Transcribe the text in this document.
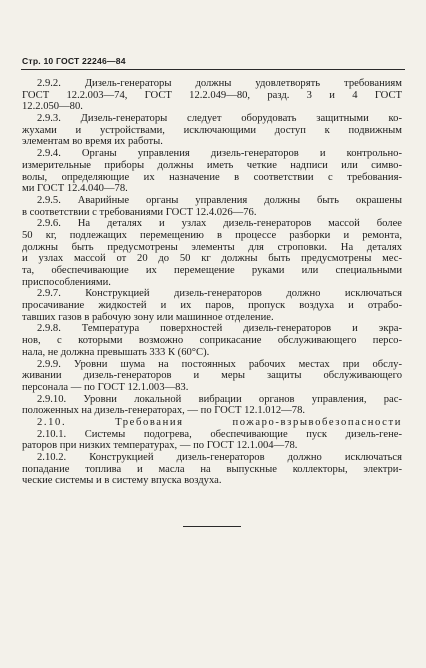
Стр. 10 ГОСТ 22246—84
2.9.2. Дизель-генераторы должны удовлетворять требованиям
ГОСТ 12.2.003—74, ГОСТ 12.2.049—80, разд. 3 и 4 ГОСТ
12.2.050—80.
2.9.3. Дизель-генераторы следует оборудовать защитными ко-
жухами и устройствами, исключающими доступ к подвижным
элементам во время их работы.
2.9.4. Органы управления дизель-генераторов и контрольно-
измерительные приборы должны иметь четкие надписи или симво-
волы, определяющие их назначение в соответствии с требования-
ми ГОСТ 12.4.040—78.
2.9.5. Аварийные органы управления должны быть окрашены
в соответствии с требованиями ГОСТ 12.4.026—76.
2.9.6. На деталях и узлах дизель-генераторов массой более
50 кг, подлежащих перемещению в процессе разборки и ремонта,
должны быть предусмотрены элементы для строповки. На деталях
и узлах массой от 20 до 50 кг должны быть предусмотрены мес-
та, обеспечивающие их перемещение руками или специальными
приспособлениями.
2.9.7. Конструкцией дизель-генераторов должно исключаться
просачивание жидкостей и их паров, пропуск воздуха и отрабо-
тавших газов в рабочую зону или машинное отделение.
2.9.8. Температура поверхностей дизель-генераторов и экра-
нов, с которыми возможно соприкасание обслуживающего персо-
нала, не должна превышать 333 К (60°С).
2.9.9. Уровни шума на постоянных рабочих местах при обслу-
живании дизель-генераторов и меры защиты обслуживающего
персонала — по ГОСТ 12.1.003—83.
2.9.10. Уровни локальной вибрации органов управления, рас-
положенных на дизель-генераторах, — по ГОСТ 12.1.012—78.
2.10. Требования пожаро-взрывобезопасности
2.10.1. Системы подогрева, обеспечивающие пуск дизель-гене-
раторов при низких температурах, — по ГОСТ 12.1.004—78.
2.10.2. Конструкцией дизель-генераторов должно исключаться
попадание топлива и масла на выпускные коллекторы, электри-
ческие системы и в систему впуска воздуха.
